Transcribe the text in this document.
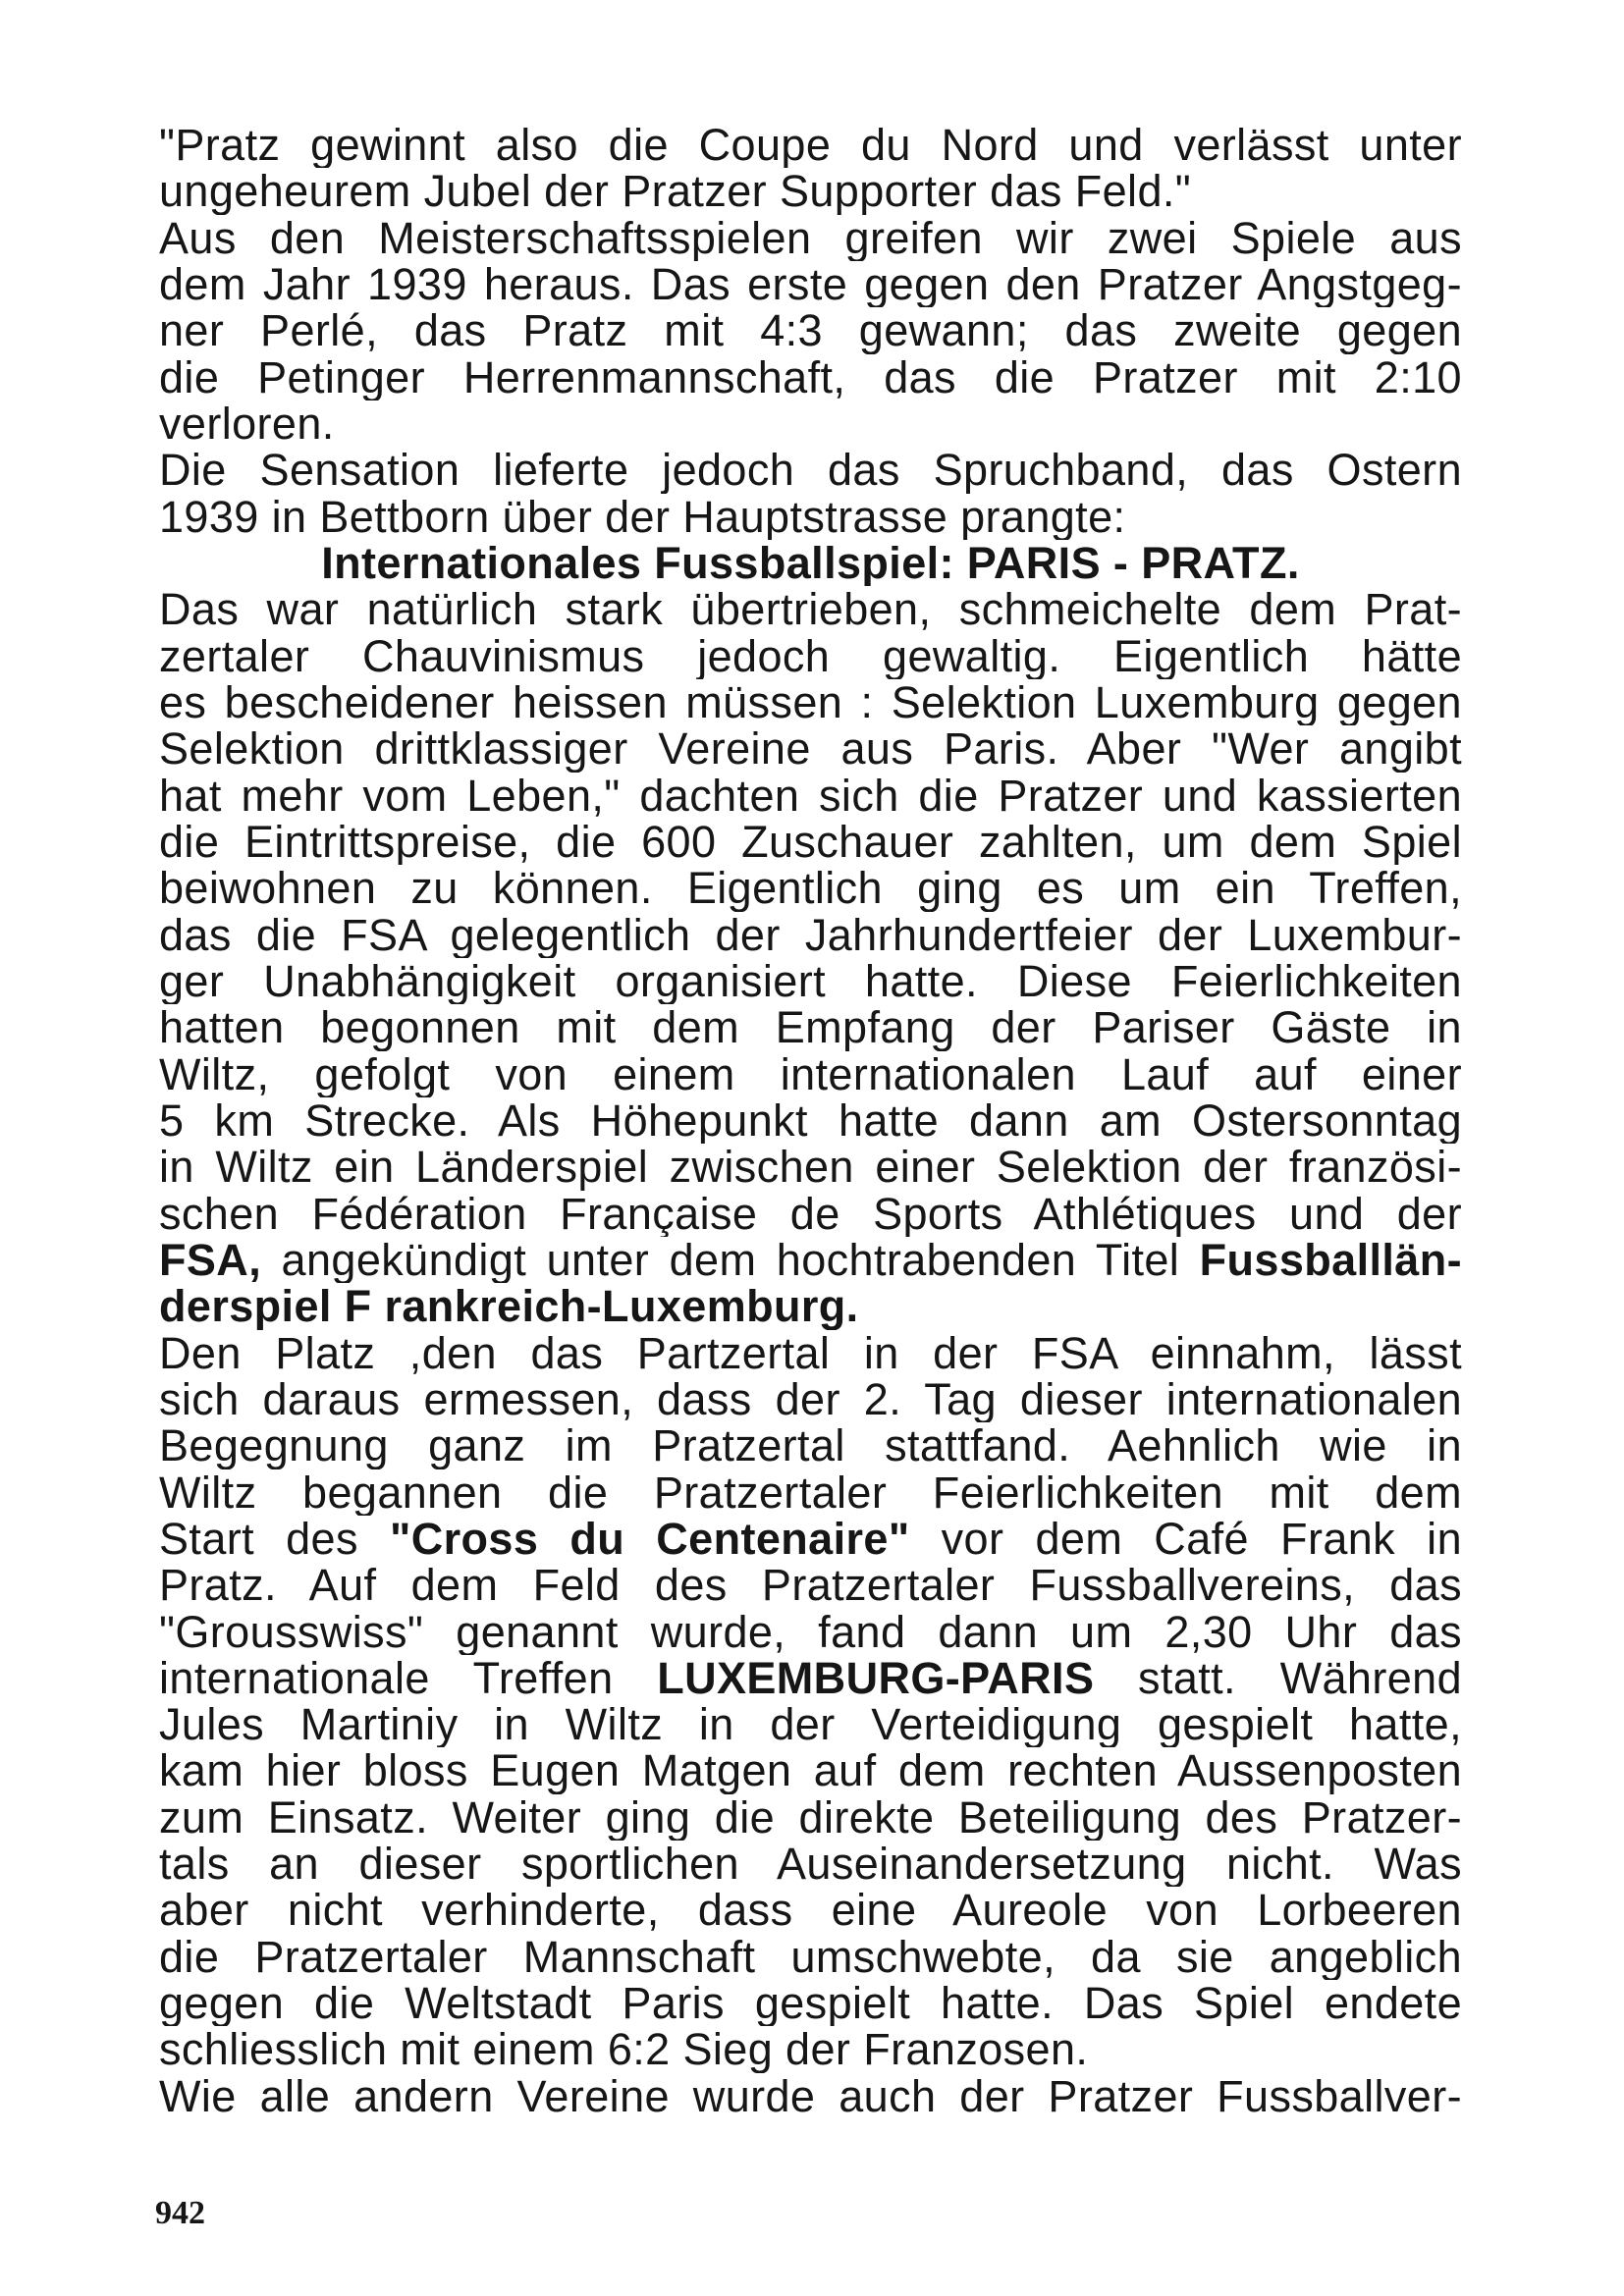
"Pratz gewinnt also die Coupe du Nord und verlässt unter
ungeheurem Jubel der Pratzer Supporter das Feld."
Aus den Meisterschaftsspielen greifen wir zwei Spiele aus
dem Jahr 1939 heraus. Das erste gegen den Pratzer Angstgeg-
ner Perlé, das Pratz mit 4:3 gewann; das zweite gegen
die Petinger Herrenmannschaft, das die Pratzer mit 2:10
verloren.
Die Sensation lieferte jedoch das Spruchband, das Ostern
1939 in Bettborn über der Hauptstrasse prangte:
Internationales Fussballspiel: PARIS - PRATZ.
Das war natürlich stark übertrieben, schmeichelte dem Prat-
zertaler Chauvinismus jedoch gewaltig. Eigentlich hätte
es bescheidener heissen müssen : Selektion Luxemburg gegen
Selektion drittklassiger Vereine aus Paris. Aber "Wer angibt
hat mehr vom Leben," dachten sich die Pratzer und kassierten
die Eintrittspreise, die 600 Zuschauer zahlten, um dem Spiel
beiwohnen zu können. Eigentlich ging es um ein Treffen,
das die FSA gelegentlich der Jahrhundertfeier der Luxembur-
ger Unabhängigkeit organisiert hatte. Diese Feierlichkeiten
hatten begonnen mit dem Empfang der Pariser Gäste in
Wiltz, gefolgt von einem internationalen Lauf auf einer
5 km Strecke. Als Höhepunkt hatte dann am Ostersonntag
in Wiltz ein Länderspiel zwischen einer Selektion der französi-
schen Fédération Française de Sports Athlétiques und der
FSA, angekündigt unter dem hochtrabenden Titel Fussballlän-
derspiel F rankreich-Luxemburg.
Den Platz ,den das Partzertal in der FSA einnahm, lässt
sich daraus ermessen, dass der 2. Tag dieser internationalen
Begegnung ganz im Pratzertal stattfand. Aehnlich wie in
Wiltz begannen die Pratzertaler Feierlichkeiten mit dem
Start des "Cross du Centenaire" vor dem Café Frank in
Pratz. Auf dem Feld des Pratzertaler Fussballvereins, das
"Grousswiss" genannt wurde, fand dann um 2,30 Uhr das
internationale Treffen LUXEMBURG-PARIS statt. Während
Jules Martiniy in Wiltz in der Verteidigung gespielt hatte,
kam hier bloss Eugen Matgen auf dem rechten Aussenposten
zum Einsatz. Weiter ging die direkte Beteiligung des Pratzer-
tals an dieser sportlichen Auseinandersetzung nicht. Was
aber nicht verhinderte, dass eine Aureole von Lorbeeren
die Pratzertaler Mannschaft umschwebte, da sie angeblich
gegen die Weltstadt Paris gespielt hatte. Das Spiel endete
schliesslich mit einem 6:2 Sieg der Franzosen.
Wie alle andern Vereine wurde auch der Pratzer Fussballver-
942
